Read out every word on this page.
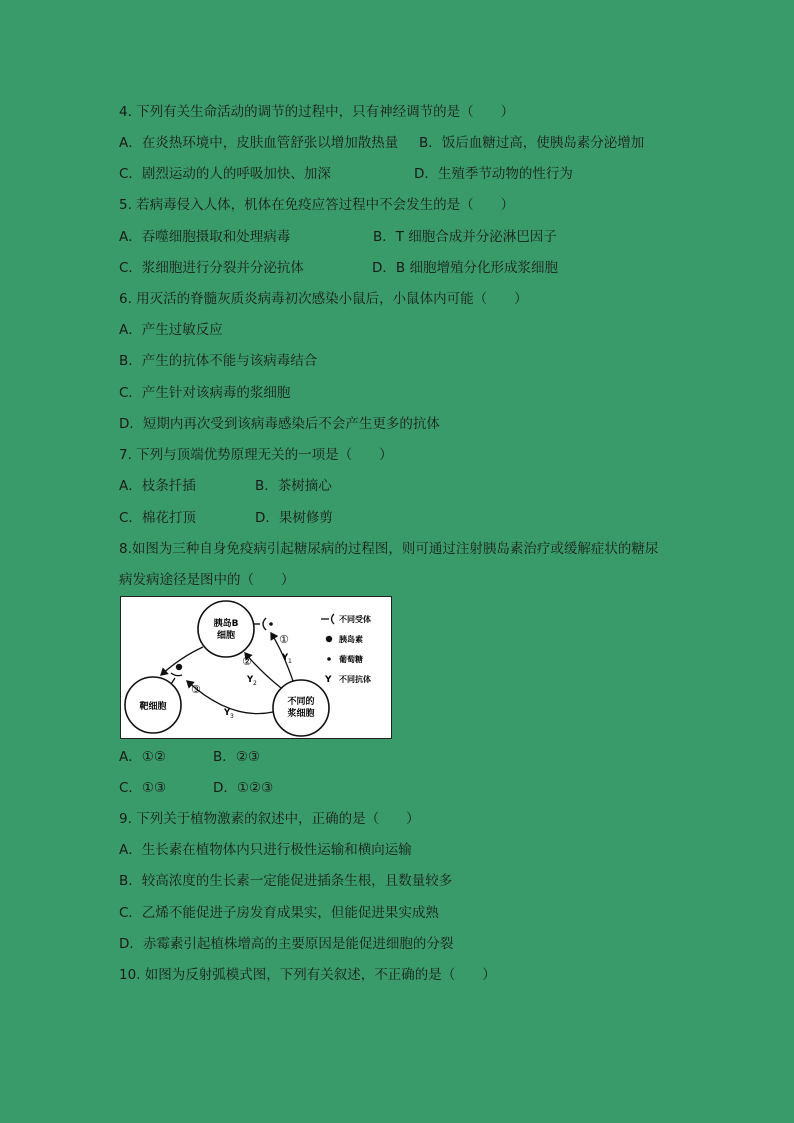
4. 下列有关生命活动的调节的过程中，只有神经调节的是（　　）
A．在炎热环境中，皮肤血管舒张以增加散热量 B．饭后血糖过高，使胰岛素分泌增加
C．剧烈运动的人的呼吸加快、加深	D．生殖季节动物的性行为
5. 若病毒侵入人体，机体在免疫应答过程中不会发生的是（　　）
A．吞噬细胞摄取和处理病毒	B．T 细胞合成并分泌淋巴因子
C．浆细胞进行分裂并分泌抗体	D．B 细胞增殖分化形成浆细胞
6. 用灭活的脊髓灰质炎病毒初次感染小鼠后，小鼠体内可能（　　）
A．产生过敏反应
B．产生的抗体不能与该病毒结合
C．产生针对该病毒的浆细胞
D．短期内再次受到该病毒感染后不会产生更多的抗体
7. 下列与顶端优势原理无关的一项是（　　）
A．枝条扦插	B．茶树摘心
C．棉花打顶	D．果树修剪
8.如图为三种自身免疫病引起糖尿病的过程图，则可通过注射胰岛素治疗或缓解症状的糖尿
病发病途径是图中的（　　）
胰岛B
细胞
靶细胞	不同的
浆细胞
①
②
③
Y 1
Y 2
Y 3
不同受体
胰岛素
葡萄糖
Y 不同抗体
A．①②	B．②③
C．①③	D．①②③
9. 下列关于植物激素的叙述中，正确的是（　　）
A．生长素在植物体内只进行极性运输和横向运输
B．较高浓度的生长素一定能促进插条生根，且数量较多
C．乙烯不能促进子房发育成果实，但能促进果实成熟
D．赤霉素引起植株增高的主要原因是能促进细胞的分裂
10. 如图为反射弧模式图，下列有关叙述，不正确的是（　　）
